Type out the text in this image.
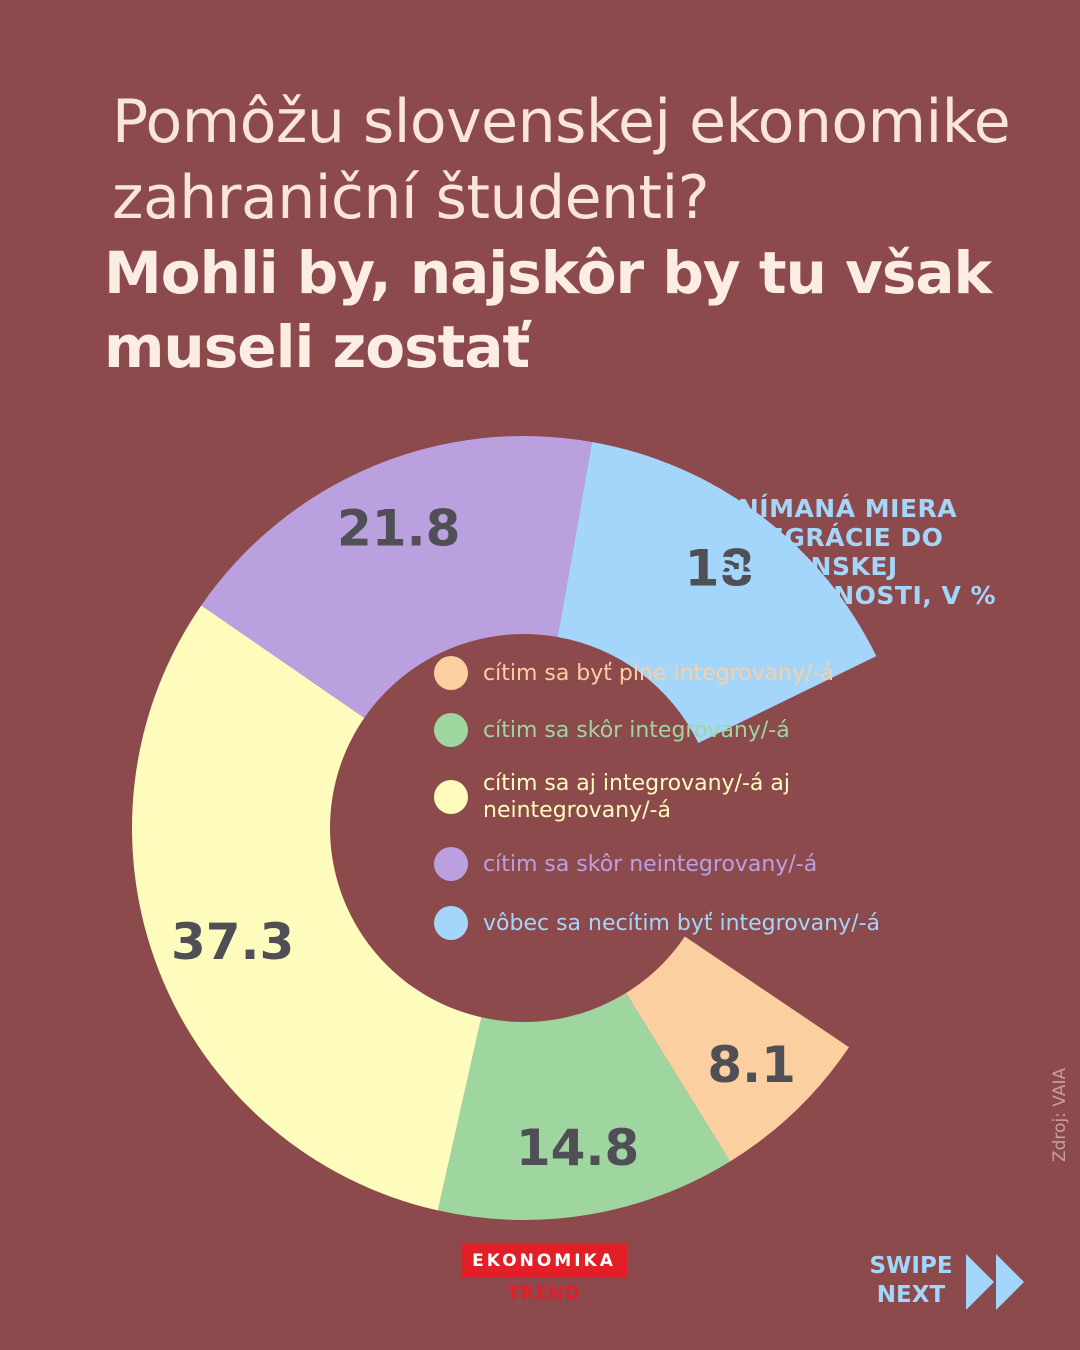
Pomôžu slovenskej ekonomike zahraniční študenti?
Mohli by, najskôr by tu však museli zostať
8.1
14.8
37.3
21.8
18
VNÍMANÁ MIERA INTEGRÁCIE DO SLOVENSKEJ SPOLOČNOSTI, V %
cítim sa byť plne integrovany/-á
cítim sa skôr integrovany/-á
cítim sa aj integrovany/-á aj neintegrovany/-á
cítim sa skôr neintegrovany/-á
vôbec sa necítim byť integrovany/-á
Zdroj: VAIA
EKONOMIKA
TREND
SWIPE
NEXT
